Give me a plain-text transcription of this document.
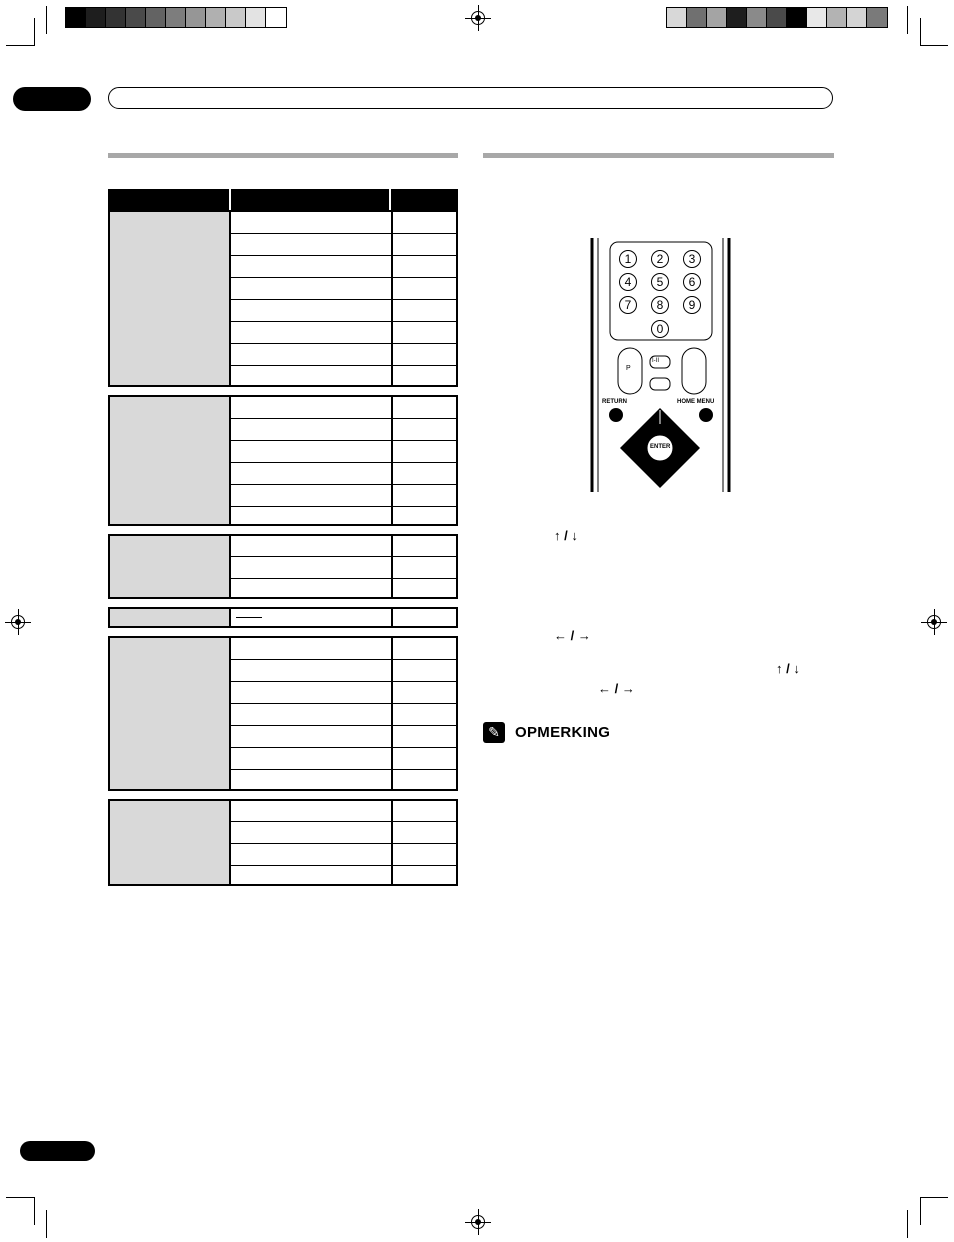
1	2	3
4	5	6
7	8	9
0
P
I-II
RETURN	HOME MENU
ENTER
↑ / ↓
← / →
↑ / ↓
← / →
✎	OPMERKING
